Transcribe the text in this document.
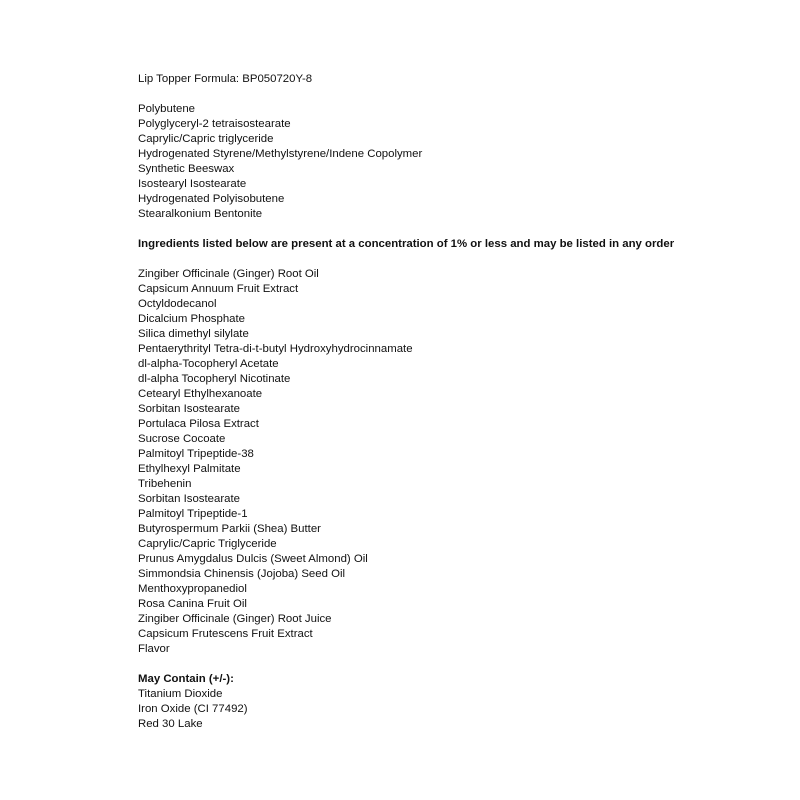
Lip Topper Formula: BP050720Y-8
Polybutene
Polyglyceryl-2 tetraisostearate
Caprylic/Capric triglyceride
Hydrogenated Styrene/Methylstyrene/Indene Copolymer
Synthetic Beeswax
Isostearyl Isostearate
Hydrogenated Polyisobutene
Stearalkonium Bentonite
Ingredients listed below are present at a concentration of 1% or less and may be listed in any order
Zingiber Officinale (Ginger) Root Oil
Capsicum Annuum Fruit Extract
Octyldodecanol
Dicalcium Phosphate
Silica dimethyl silylate
Pentaerythrityl Tetra-di-t-butyl Hydroxyhydrocinnamate
dl-alpha-Tocopheryl Acetate
dl-alpha Tocopheryl Nicotinate
Cetearyl Ethylhexanoate
Sorbitan Isostearate
Portulaca Pilosa Extract
Sucrose Cocoate
Palmitoyl Tripeptide-38
Ethylhexyl Palmitate
Tribehenin
Sorbitan Isostearate
Palmitoyl Tripeptide-1
Butyrospermum Parkii (Shea) Butter
Caprylic/Capric Triglyceride
Prunus Amygdalus Dulcis (Sweet Almond) Oil
Simmondsia Chinensis (Jojoba) Seed Oil
Menthoxypropanediol
Rosa Canina Fruit Oil
Zingiber Officinale (Ginger) Root Juice
Capsicum Frutescens Fruit Extract
Flavor
May Contain (+/-):
Titanium Dioxide
Iron Oxide (CI 77492)
Red 30 Lake
